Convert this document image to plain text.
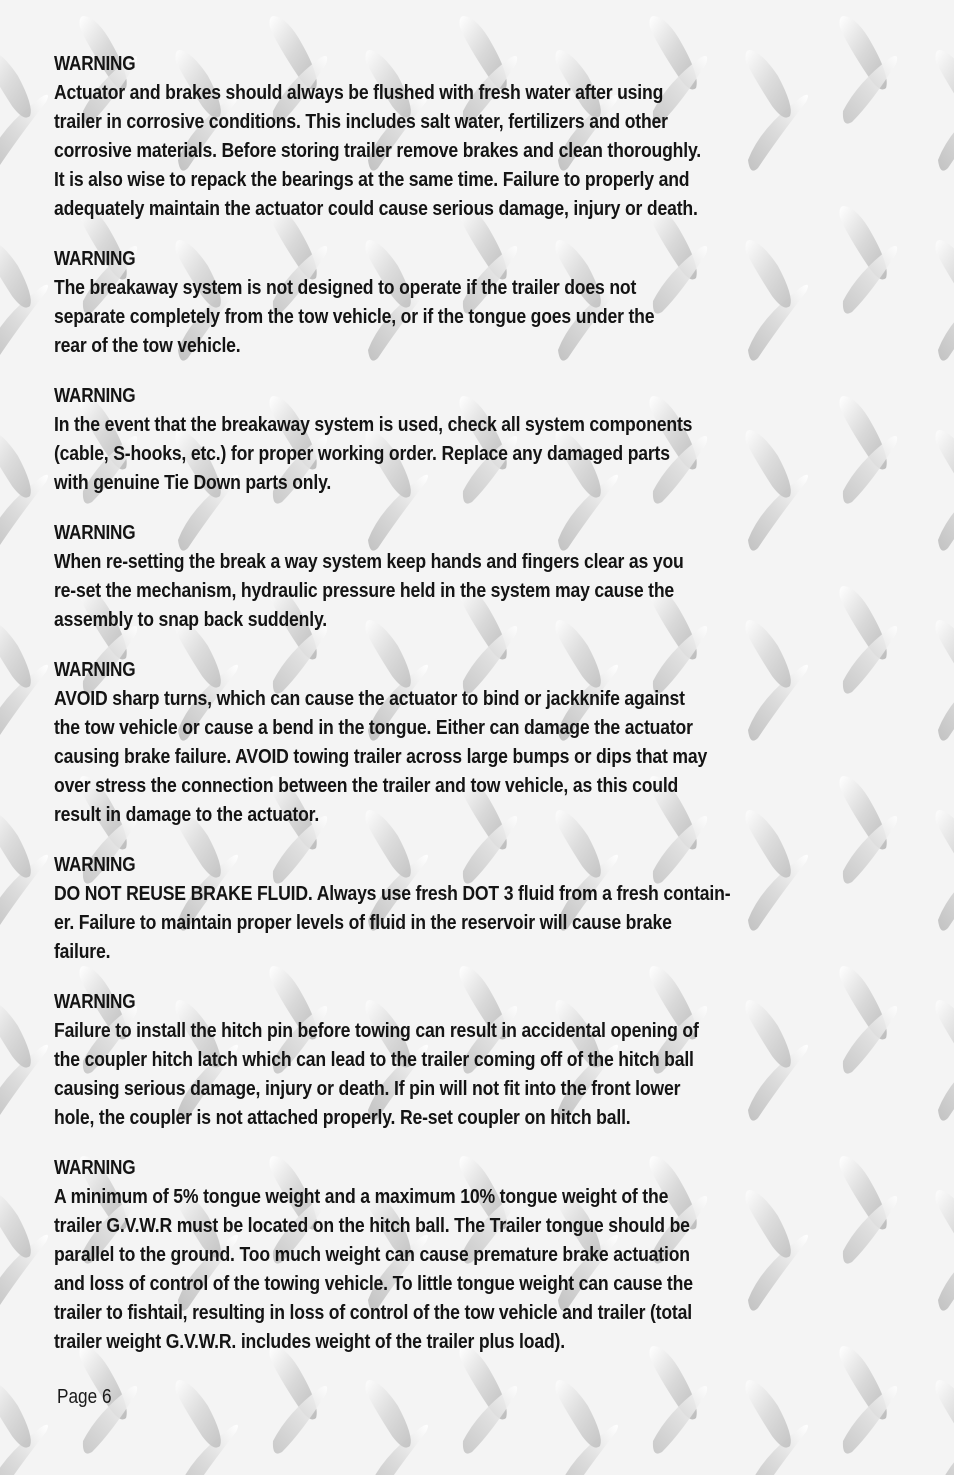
WARNING

Actuator and brakes should always be flushed with fresh water after using
trailer in corrosive conditions. This includes salt water, fertilizers and other
corrosive materials. Before storing trailer remove brakes and clean thoroughly.
It is also wise to repack the bearings at the same time. Failure to properly and
adequately maintain the actuator could cause serious damage, injury or death.

WARNING

The breakaway system is not designed to operate if the trailer does not
separate completely from the tow vehicle, or if the tongue goes under the
rear of the tow vehicle.

WARNING

In the event that the breakaway system is used, check all system components
(cable, S-hooks, etc.) for proper working order. Replace any damaged parts
with genuine Tie Down parts only.

WARNING

When re-setting the break a way system keep hands and fingers clear as you
re-set the mechanism, hydraulic pressure held in the system may cause the
assembly to snap back suddenly.

WARNING

AVOID sharp turns, which can cause the actuator to bind or jackknife against
the tow vehicle or cause a bend in the tongue. Either can damage the actuator
causing brake failure. AVOID towing trailer across large bumps or dips that may
over stress the connection between the trailer and tow vehicle, as this could
result in damage to the actuator.

WARNING

DO NOT REUSE BRAKE FLUID. Always use fresh DOT 3 fluid from a fresh contain-
er. Failure to maintain proper levels of fluid in the reservoir will cause brake
failure.

WARNING

Failure to install the hitch pin before towing can result in accidental opening of
the coupler hitch latch which can lead to the trailer coming off of the hitch ball
causing serious damage, injury or death. If pin will not fit into the front lower
hole, the coupler is not attached properly. Re-set coupler on hitch ball.

WARNING

A minimum of 5% tongue weight and a maximum 10% tongue weight of the
trailer G.V.W.R must be located on the hitch ball. The Trailer tongue should be
parallel to the ground. Too much weight can cause premature brake actuation
and loss of control of the towing vehicle. To little tongue weight can cause the
trailer to fishtail, resulting in loss of control of the tow vehicle and trailer (total
trailer weight G.V.W.R. includes weight of the trailer plus load).

Page 6
